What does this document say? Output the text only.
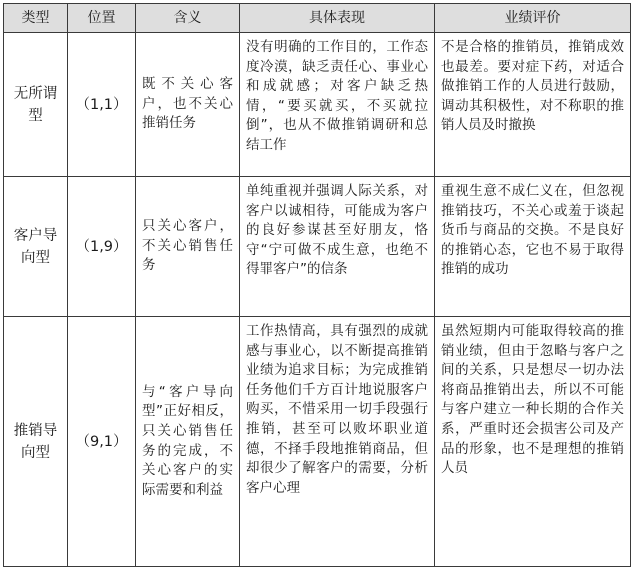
类型	位置	含义	具体表现	业绩评价
无所谓型	（1,1）	既不关心客户，也不关心推销任务	没有明确的工作目的，工作态度冷漠，缺乏责任心、事业心和成就感；对客户缺乏热情，“要买就买，不买就拉倒”，也从不做推销调研和总结工作	不是合格的推销员，推销成效也最差。要对症下药，对适合做推销工作的人员进行鼓励，调动其积极性，对不称职的推销人员及时撤换
客户导向型	（1,9）	只关心客户，不关心销售任务	单纯重视并强调人际关系，对客户以诚相待，可能成为客户的良好参谋甚至好朋友，恪守“宁可做不成生意，也绝不得罪客户”的信条	重视生意不成仁义在，但忽视推销技巧，不关心或羞于谈起货币与商品的交换。不是良好的推销心态，它也不易于取得推销的成功
推销导向型	（9,1）	与“客户导向型”正好相反，只关心销售任务的完成，不关心客户的实际需要和利益	工作热情高，具有强烈的成就感与事业心，以不断提高推销业绩为追求目标；为完成推销任务他们千方百计地说服客户购买，不惜采用一切手段强行推销，甚至可以败坏职业道德，不择手段地推销商品，但却很少了解客户的需要，分析客户心理	虽然短期内可能取得较高的推销业绩，但由于忽略与客户之间的关系，只是想尽一切办法将商品推销出去，所以不可能与客户建立一种长期的合作关系，严重时还会损害公司及产品的形象，也不是理想的推销人员
